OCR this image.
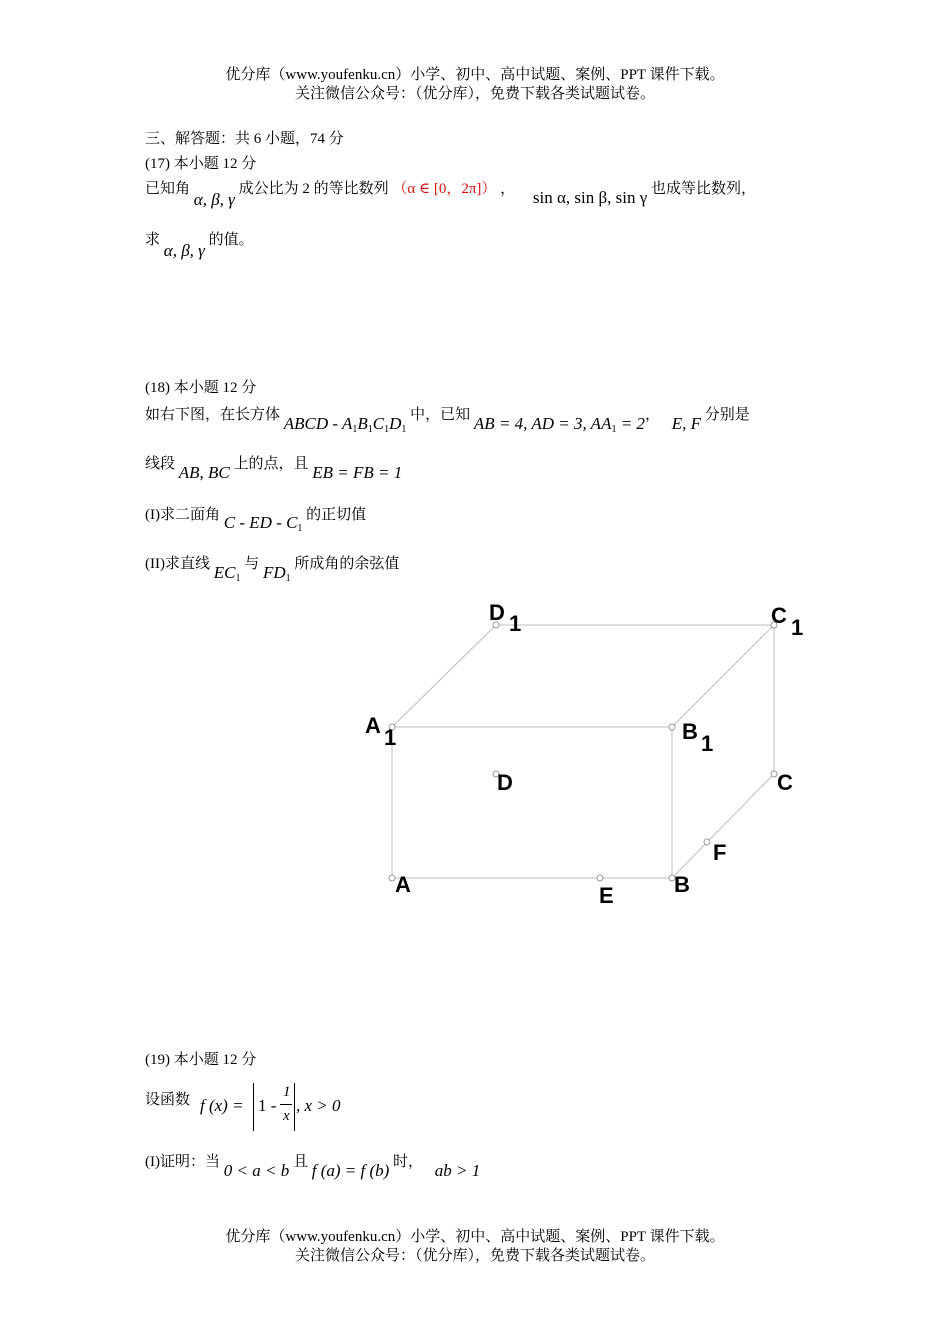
优分库（www.youfenku.cn）小学、初中、高中试题、案例、PPT 课件下载。
关注微信公众号：（优分库），免费下载各类试题试卷。
三、解答题：共 6 小题，74 分
(17) 本小题 12 分
已知角 α, β, γ 成公比为 2 的等比数列 （α ∈ [0，2π]） ， sin α, sin β, sin γ 也成等比数列，
求 α, β, γ 的值。
(18) 本小题 12 分
如右下图，在长方体 ABCD - $A_1B_1C_1D_1$ 中，已知 AB = 4, AD = 3, $AA_1 = 2$， E, F 分别是
线段 AB, BC 上的点，且 EB = FB = 1
(I)求二面角 C - ED - $C_1$ 的正切值
(II)求直线 $EC_1$ 与 $FD_1$ 所成角的余弦值
D 1	C 1
A 1	B 1
D	C
F
A	E	B
(19) 本小题 12 分
设函数 f (x) = 1 -
1
x
, x > 0
(I)证明：当 0 < a < b 且 f (a) = f (b) 时， ab > 1
优分库（www.youfenku.cn）小学、初中、高中试题、案例、PPT 课件下载。
关注微信公众号：（优分库），免费下载各类试题试卷。
